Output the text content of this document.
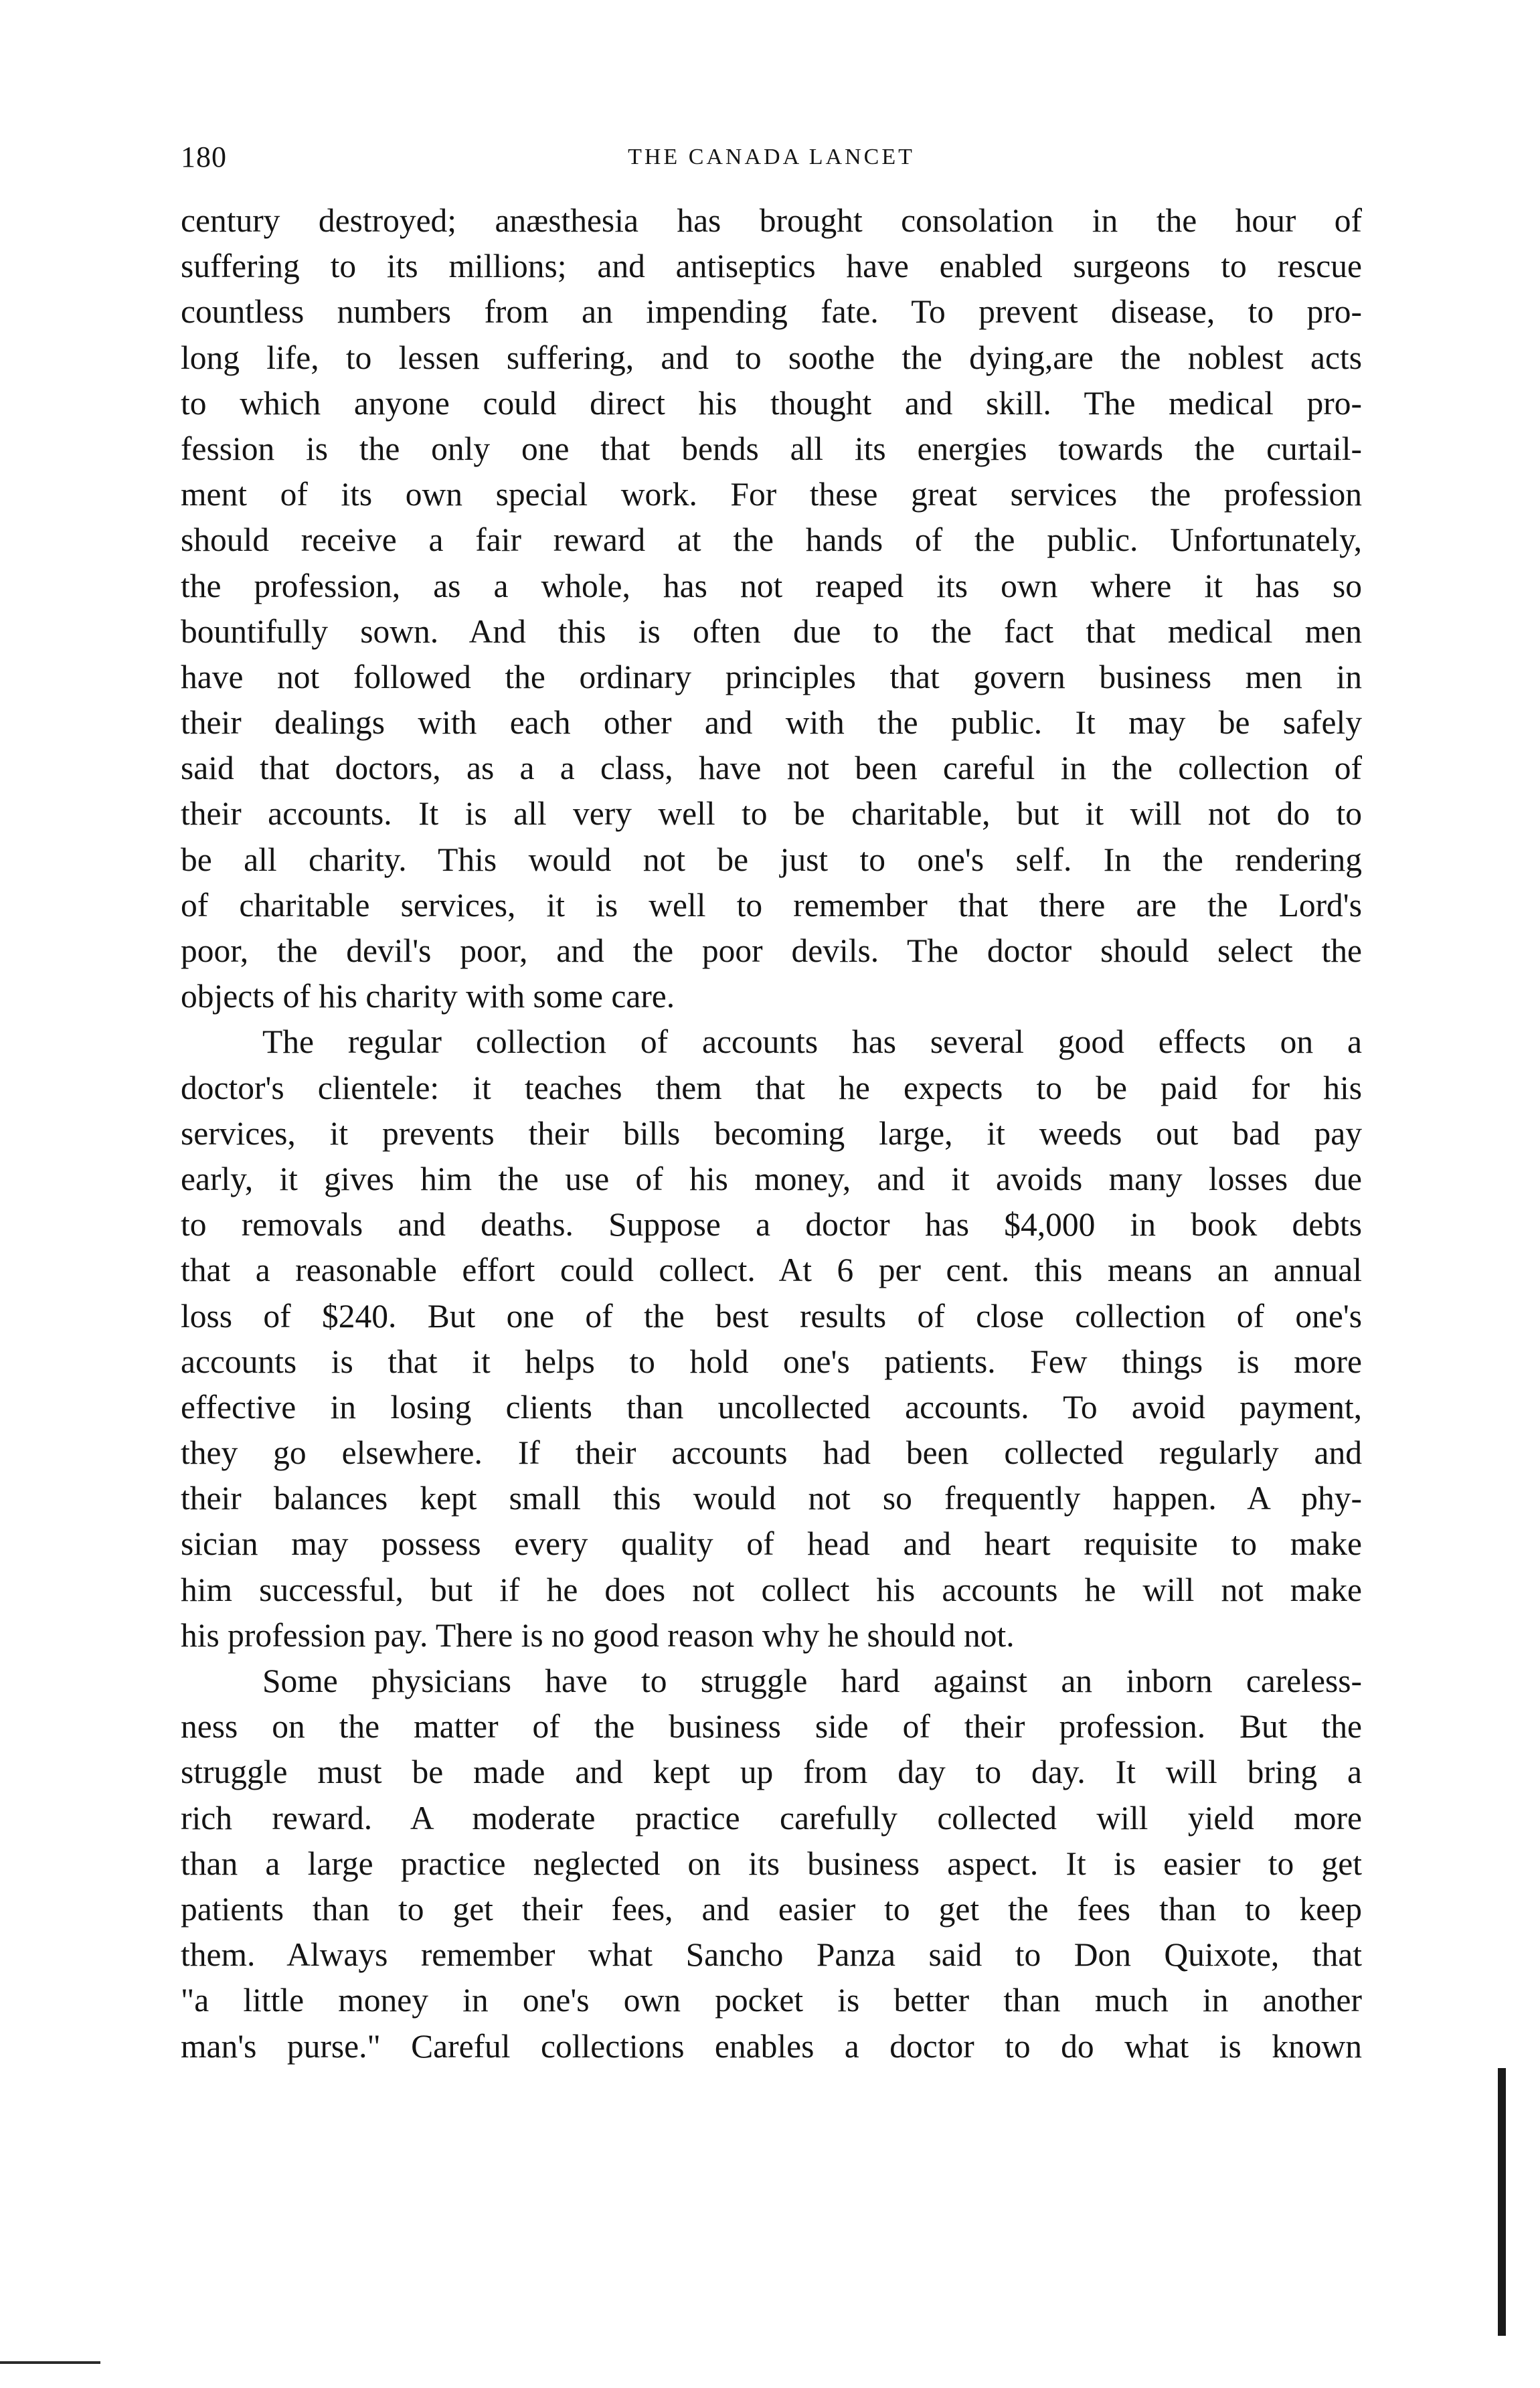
180	THE CANADA LANCET
century destroyed; anæsthesia has brought consolation in the hour of
suffering to its millions; and antiseptics have enabled surgeons to rescue
countless numbers from an impending fate. To prevent disease, to pro-
long life, to lessen suffering, and to soothe the dying,are the noblest acts
to which anyone could direct his thought and skill. The medical pro-
fession is the only one that bends all its energies towards the curtail-
ment of its own special work. For these great services the profession
should receive a fair reward at the hands of the public. Unfortunately,
the profession, as a whole, has not reaped its own where it has so
bountifully sown. And this is often due to the fact that medical men
have not followed the ordinary principles that govern business men in
their dealings with each other and with the public. It may be safely
said that doctors, as a a class, have not been careful in the collection of
their accounts. It is all very well to be charitable, but it will not do to
be all charity. This would not be just to one's self. In the rendering
of charitable services, it is well to remember that there are the Lord's
poor, the devil's poor, and the poor devils. The doctor should select the
objects of his charity with some care.
The regular collection of accounts has several good effects on a
doctor's clientele: it teaches them that he expects to be paid for his
services, it prevents their bills becoming large, it weeds out bad pay
early, it gives him the use of his money, and it avoids many losses due
to removals and deaths. Suppose a doctor has $4,000 in book debts
that a reasonable effort could collect. At 6 per cent. this means an annual
loss of $240. But one of the best results of close collection of one's
accounts is that it helps to hold one's patients. Few things is more
effective in losing clients than uncollected accounts. To avoid payment,
they go elsewhere. If their accounts had been collected regularly and
their balances kept small this would not so frequently happen. A phy-
sician may possess every quality of head and heart requisite to make
him successful, but if he does not collect his accounts he will not make
his profession pay. There is no good reason why he should not.
Some physicians have to struggle hard against an inborn careless-
ness on the matter of the business side of their profession. But the
struggle must be made and kept up from day to day. It will bring a
rich reward. A moderate practice carefully collected will yield more
than a large practice neglected on its business aspect. It is easier to get
patients than to get their fees, and easier to get the fees than to keep
them. Always remember what Sancho Panza said to Don Quixote, that
"a little money in one's own pocket is better than much in another
man's purse." Careful collections enables a doctor to do what is known
